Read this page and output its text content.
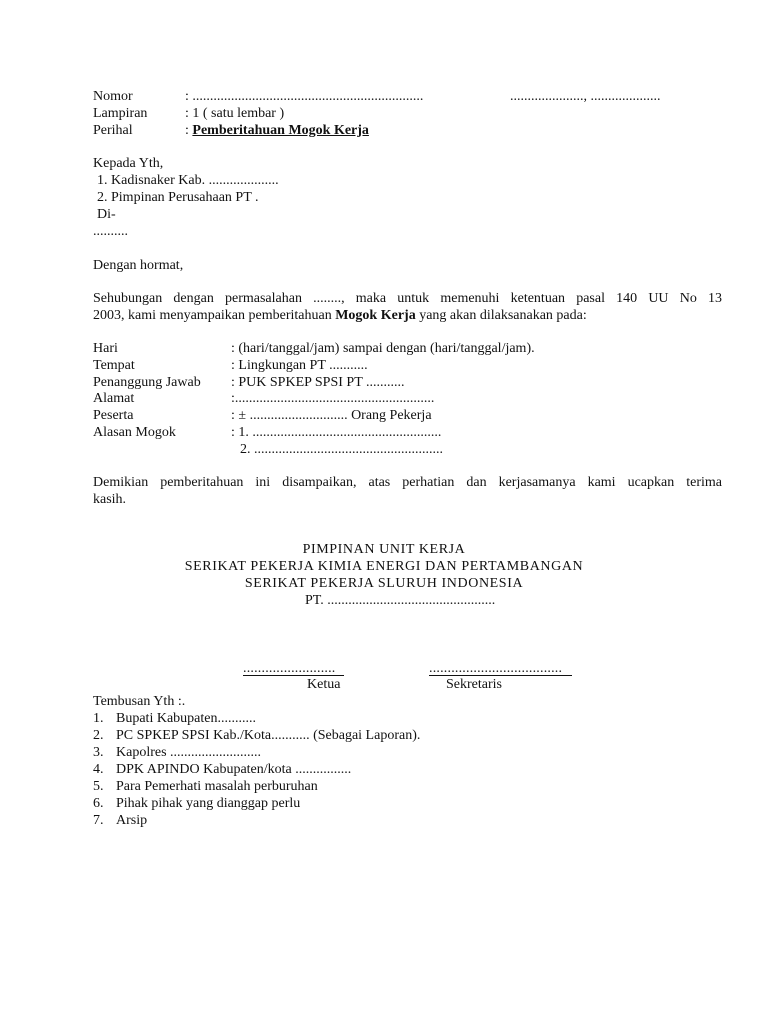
Nomor	: ..................................................................	....................., ....................
Lampiran	: 1 ( satu lembar )
Perihal	: Pemberitahuan Mogok Kerja
Kepada Yth,
1. Kadisnaker Kab. ....................
2. Pimpinan Perusahaan PT .
Di-
..........
Dengan hormat,
Sehubungan dengan permasalahan ........, maka untuk memenuhi ketentuan pasal 140 UU No 13
2003, kami menyampaikan pemberitahuan Mogok Kerja yang akan dilaksanakan pada:
Hari	: (hari/tanggal/jam) sampai dengan (hari/tanggal/jam).
Tempat	: Lingkungan PT ...........
Penanggung Jawab : PUK SPKEP SPSI PT ...........
Alamat	:.........................................................
Peserta	: ± ............................ Orang Pekerja
Alasan Mogok	: 1. ......................................................
2. ......................................................
Demikian pemberitahuan ini disampaikan, atas perhatian dan kerjasamanya kami ucapkan terima
kasih.
PIMPINAN UNIT KERJA
SERIKAT PEKERJA KIMIA ENERGI DAN PERTAMBANGAN
SERIKAT PEKERJA SLURUH INDONESIA
PT. ................................................
.........................
Ketua
....................................
Sekretaris
Tembusan Yth :.
1. Bupati Kabupaten...........
2. PC SPKEP SPSI Kab./Kota........... (Sebagai Laporan).
3. Kapolres ..........................
4. DPK APINDO Kabupaten/kota ................
5. Para Pemerhati masalah perburuhan
6. Pihak pihak yang dianggap perlu
7. Arsip
